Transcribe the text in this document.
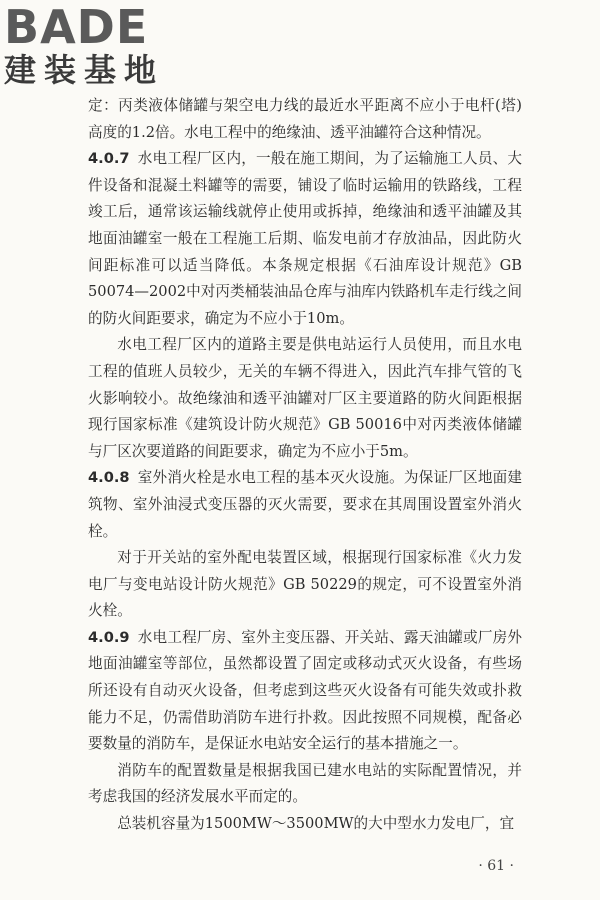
BADE
建装基地

定：丙类液体储罐与架空电力线的最近水平距离不应小于电杆(塔)高度的1.2倍。水电工程中的绝缘油、透平油罐符合这种情况。

4.0.7 水电工程厂区内，一般在施工期间，为了运输施工人员、大件设备和混凝土料罐等的需要，铺设了临时运输用的铁路线，工程竣工后，通常该运输线就停止使用或拆掉，绝缘油和透平油罐及其地面油罐室一般在工程施工后期、临发电前才存放油品，因此防火间距标准可以适当降低。本条规定根据《石油库设计规范》GB 50074—2002中对丙类桶装油品仓库与油库内铁路机车走行线之间的防火间距要求，确定为不应小于10m。

水电工程厂区内的道路主要是供电站运行人员使用，而且水电工程的值班人员较少，无关的车辆不得进入，因此汽车排气管的飞火影响较小。故绝缘油和透平油罐对厂区主要道路的防火间距根据现行国家标准《建筑设计防火规范》GB 50016中对丙类液体储罐与厂区次要道路的间距要求，确定为不应小于5m。

4.0.8 室外消火栓是水电工程的基本灭火设施。为保证厂区地面建筑物、室外油浸式变压器的灭火需要，要求在其周围设置室外消火栓。

对于开关站的室外配电装置区域，根据现行国家标准《火力发电厂与变电站设计防火规范》GB 50229的规定，可不设置室外消火栓。

4.0.9 水电工程厂房、室外主变压器、开关站、露天油罐或厂房外地面油罐室等部位，虽然都设置了固定或移动式灭火设备，有些场所还设有自动灭火设备，但考虑到这些灭火设备有可能失效或扑救能力不足，仍需借助消防车进行扑救。因此按照不同规模，配备必要数量的消防车，是保证水电站安全运行的基本措施之一。

消防车的配置数量是根据我国已建水电站的实际配置情况，并考虑我国的经济发展水平而定的。

总装机容量为1500MW～3500MW的大中型水力发电厂，宜

· 61 ·
